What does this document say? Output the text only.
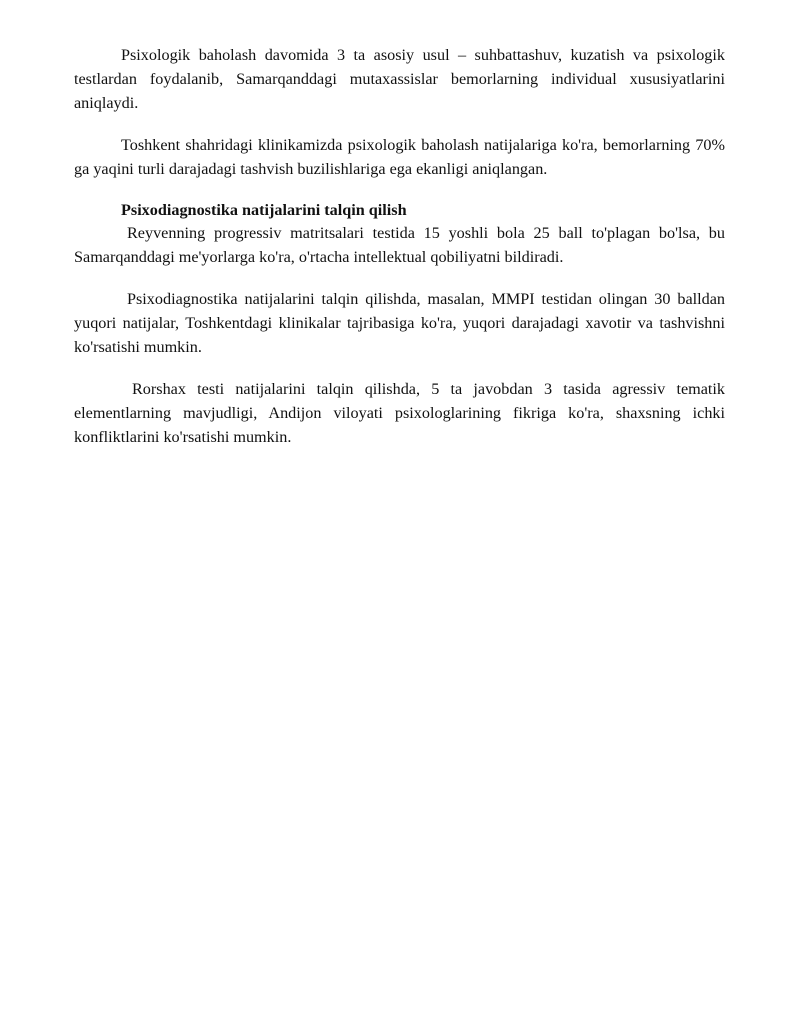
Psixologik baholash davomida 3 ta asosiy usul – suhbattashuv, kuzatish va psixologik testlardan foydalanib, Samarqanddagi mutaxassislar bemorlarning individual xususiyatlarini aniqlaydi.

Toshkent shahridagi klinikamizda psixologik baholash natijalariga ko'ra, bemorlarning 70% ga yaqini turli darajadagi tashvish buzilishlariga ega ekanligi aniqlangan.

Psixodiagnostika natijalarini talqin qilish

Reyvenning progressiv matritsalari testida 15 yoshli bola 25 ball to'plagan bo'lsa, bu Samarqanddagi me'yorlarga ko'ra, o'rtacha intellektual qobiliyatni bildiradi.

Psixodiagnostika natijalarini talqin qilishda, masalan, MMPI testidan olingan 30 balldan yuqori natijalar, Toshkentdagi klinikalar tajribasiga ko'ra, yuqori darajadagi xavotir va tashvishni ko'rsatishi mumkin.

Rorshax testi natijalarini talqin qilishda, 5 ta javobdan 3 tasida agressiv tematik elementlarning mavjudligi, Andijon viloyati psixologlarining fikriga ko'ra, shaxsning ichki konfliktlarini ko'rsatishi mumkin.
